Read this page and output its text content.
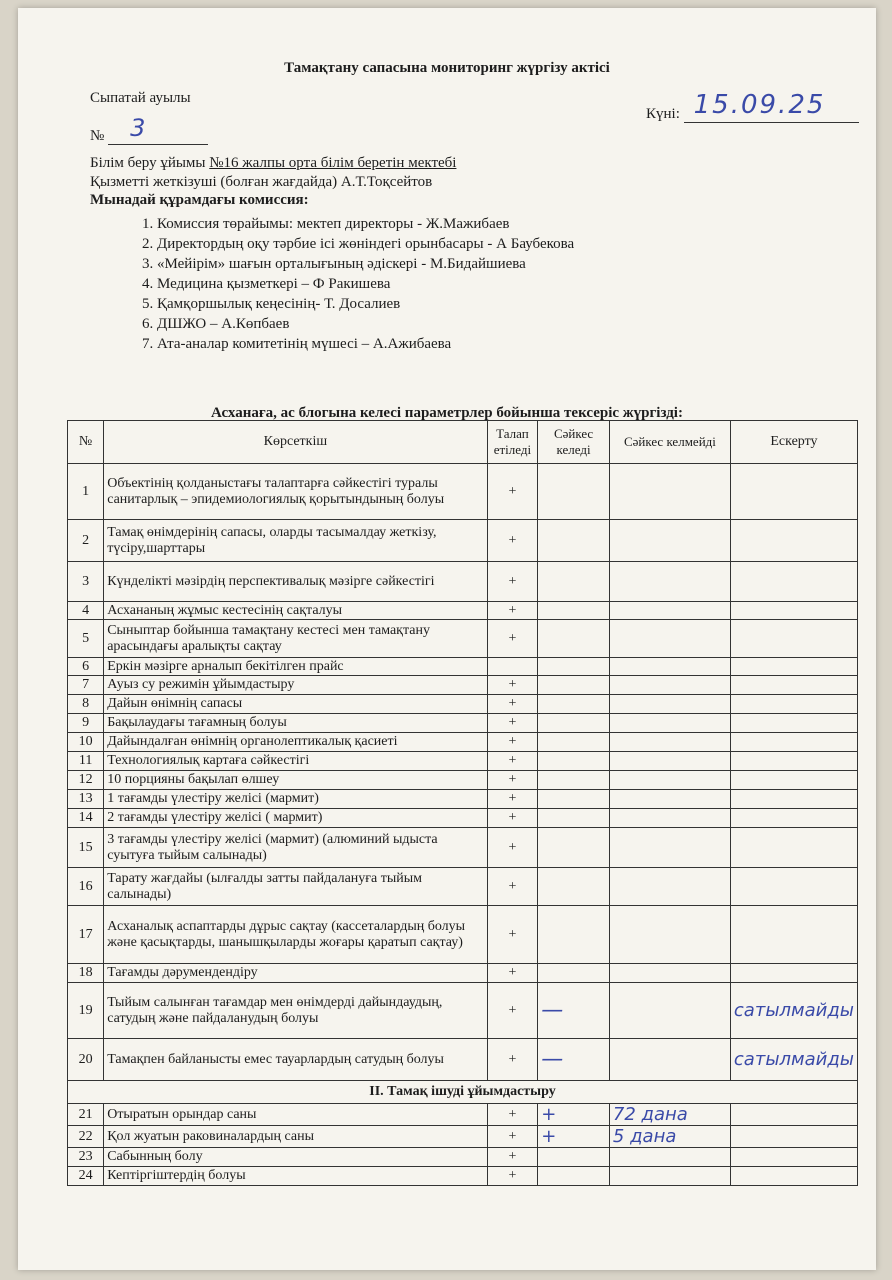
Тамақтану сапасына мониторинг жүргізу актісі
Сыпатай ауылы
Күні: 15.09.25
№ 3
Білім беру ұйымы №16 жалпы орта білім беретін мектебі
Қызметті жеткізуші (болған жағдайда) А.Т.Тоқсейтов
Мынадай құрамдағы комиссия:
1. Комиссия төрайымы: мектеп директоры - Ж.Мажибаев
2. Директордың оқу тәрбие ісі жөніндегі орынбасары - А Баубекова
3. «Мейірім» шағын орталығының әдіскері - М.Бидайшиева
4. Медицина қызметкері – Ф Ракишева
5. Қамқоршылық кеңесінің- Т. Досалиев
6. ДШЖО – А.Көпбаев
7. Ата-аналар комитетінің мүшесі – А.Ажибаева
Асханаға, ас блогына келесі параметрлер бойынша тексеріс жүргізді:
№	Көрсеткіш	Талап етіледі	Сәйкес келеді	Сәйкес келмейді	Ескерту
1	Объектінің қолданыстағы талаптарға сәйкестігі туралы санитарлық – эпидемиологиялық қорытындының болуы	+			
2	Тамақ өнімдерінің сапасы, оларды тасымалдау жеткізу, түсіру,шарттары	+			
3	Күнделікті мәзірдің перспективалық мәзірге сәйкестігі	+			
4	Асхананың жұмыс кестесінің сақталуы	+			
5	Сыныптар бойынша тамақтану кестесі мен тамақтану арасындағы аралықты сақтау	+			
6	Еркін мәзірге арналып бекітілген прайс				
7	Ауыз су режимін ұйымдастыру	+			
8	Дайын өнімнің сапасы	+			
9	Бақылаудағы тағамның болуы	+			
10	Дайындалған өнімнің органолептикалық қасиеті	+			
11	Технологиялық картаға сәйкестігі	+			
12	10 порцияны бақылап өлшеу	+			
13	1 тағамды үлестіру желісі (мармит)	+			
14	2 тағамды үлестіру желісі ( мармит)	+			
15	3 тағамды үлестіру желісі (мармит) (алюминий ыдыста суытуға тыйым салынады)	+			
16	Тарату жағдайы (ылғалды затты пайдалануға тыйым салынады)	+			
17	Асханалық аспаптарды дұрыс сақтау (кассеталардың болуы және қасықтарды, шанышқыларды жоғары қаратып сақтау)	+			
18	Тағамды дәрумендендіру	+			
19	Тыйым салынған тағамдар мен өнімдерді дайындаудың, сатудың және пайдаланудың болуы	+	—		сатылмайды
20	Тамақпен байланысты емес тауарлардың сатудың болуы	+	—		сатылмайды
ІІ. Тамақ ішуді ұйымдастыру					
21	Отыратын орындар саны	+	+	72 дана	
22	Қол жуатын раковиналардың саны	+	+	5 дана	
23	Сабынның болу	+			
24	Кептіргіштердің болуы	+			
